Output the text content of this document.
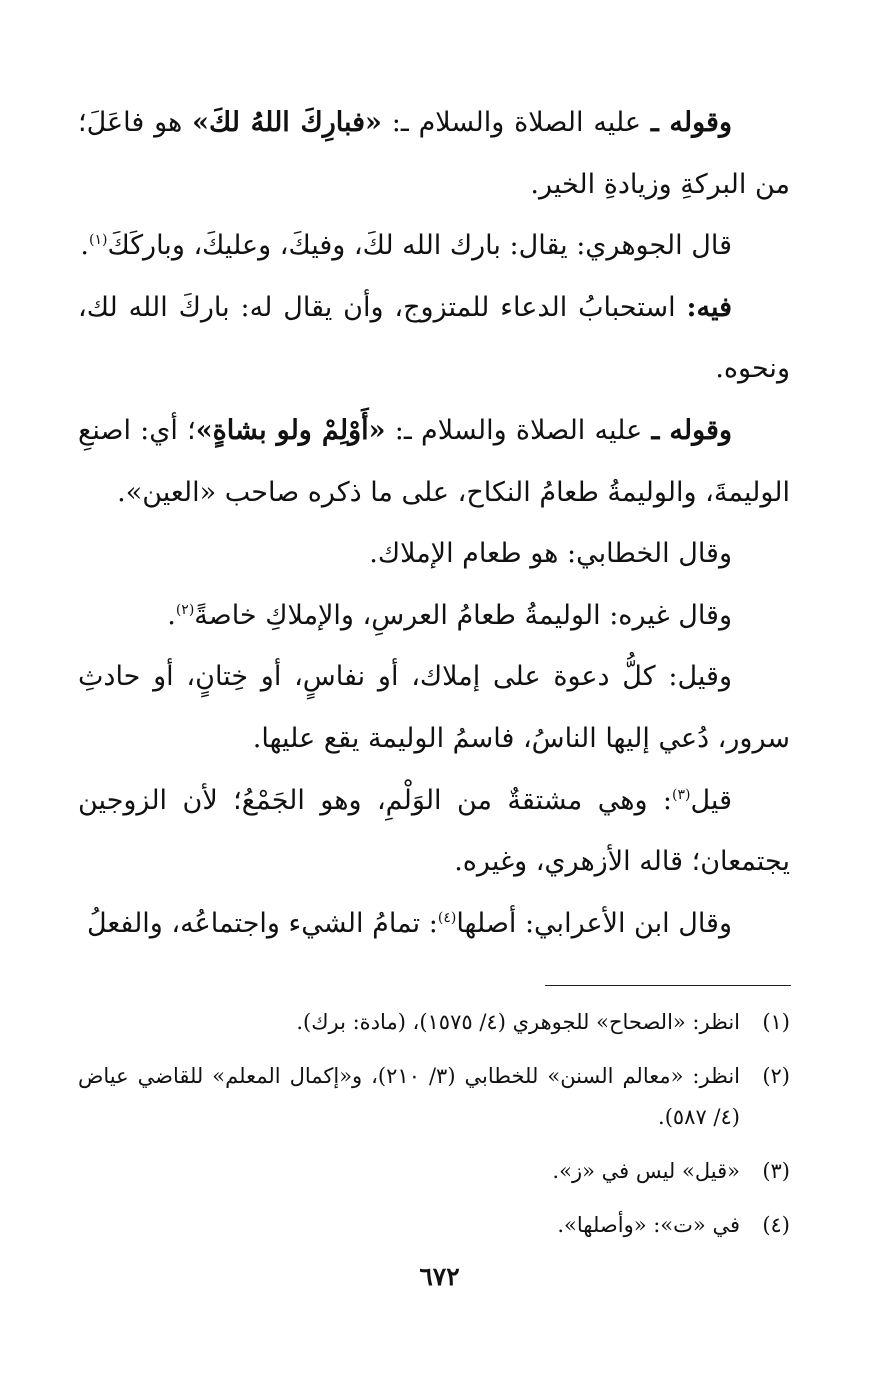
وقوله ـ عليه الصلاة والسلام ـ: «فبارِكَ اللهُ لكَ» هو فاعَلَ؛ من البركةِ وزيادةِ الخير.

قال الجوهري: يقال: بارك الله لكَ، وفيكَ، وعليكَ، وباركَكَ$^{(١)}$.

فيه: استحبابُ الدعاء للمتزوج، وأن يقال له: باركَ الله لك، ونحوه.

وقوله ـ عليه الصلاة والسلام ـ: «أَوْلِمْ ولو بشاةٍ»؛ أي: اصنعِ الوليمةَ، والوليمةُ طعامُ النكاح، على ما ذكره صاحب «العين».

وقال الخطابي: هو طعام الإملاك.

وقال غيره: الوليمةُ طعامُ العرسِ، والإملاكِ خاصةً$^{(٢)}$.

وقيل: كلُّ دعوة على إملاك، أو نفاسٍ، أو خِتانٍ، أو حادثِ سرور، دُعي إليها الناسُ، فاسمُ الوليمة يقع عليها.

قيل$^{(٣)}$: وهي مشتقةٌ من الوَلْمِ، وهو الجَمْعُ؛ لأن الزوجين يجتمعان؛ قاله الأزهري، وغيره.

وقال ابن الأعرابي: أصلها$^{(٤)}$: تمامُ الشيء واجتماعُه، والفعلُ

(١)
انظر: «الصحاح» للجوهري (٤/ ١٥٧٥)، (مادة: برك).
(٢)
انظر: «معالم السنن» للخطابي (٣/ ٢١٠)، و«إكمال المعلم» للقاضي عياض (٤/ ٥٨٧).
(٣)
«قيل» ليس في «ز».
(٤)
في «ت»: «وأصلها».
٦٧٢
